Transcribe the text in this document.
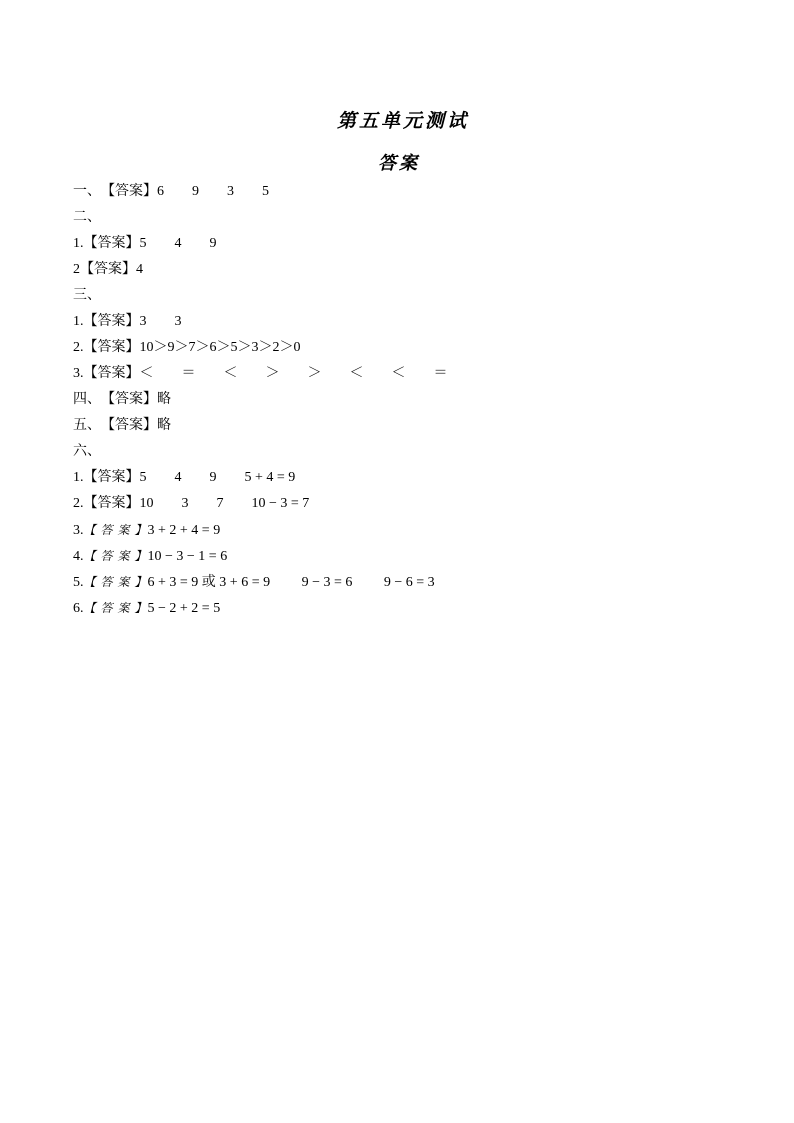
第五单元测试
答案
一、【答案】6　　9　　3　　5
二、
1.【答案】5　　4　　9
2【答案】4
三、
1.【答案】3　　3
2.【答案】10＞9＞7＞6＞5＞3＞2＞0
3.【答案】＜　　＝　　＜　　＞　　＞　　＜　　＜　　＝
四、【答案】略
五、【答案】略
六、
1.【答案】5　　4　　9　　5 + 4 = 9
2.【答案】10　　3　　7　　10 − 3 = 7
3.【 答 案 】3 + 2 + 4 = 9
4.【 答 案 】10 − 3 − 1 = 6
5.【 答 案 】6 + 3 = 9 或 3 + 6 = 9　　 9 − 3 = 6　　 9 − 6 = 3
6.【 答 案 】5 − 2 + 2 = 5
